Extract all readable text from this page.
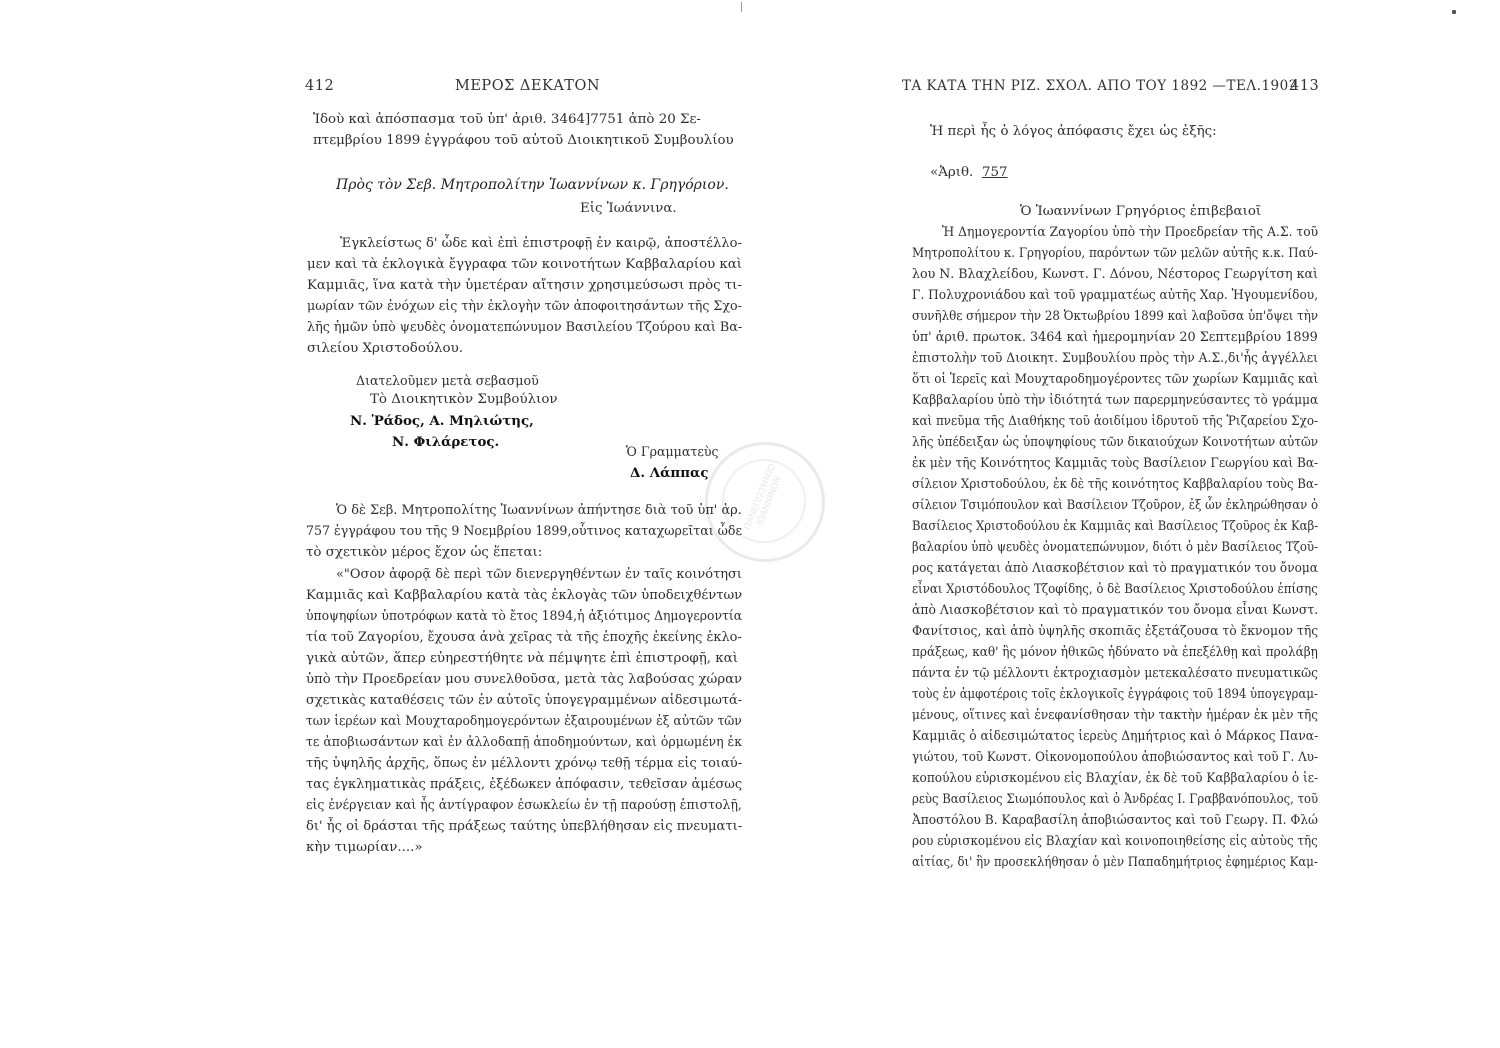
ΠΑΝΕΠΙΣΤΗΜΙΟ ΙΩΑΝΝΙΝΩΝ
412	ΜΕΡΟΣ ΔΕΚΑΤΟΝ
Ἰδοὺ καὶ ἀπόσπασμα τοῦ ὑπ' ἀριθ. 3464]7751 ἀπὸ 20 Σε-
πτεμβρίου 1899 ἐγγράφου τοῦ αὐτοῦ Διοικητικοῦ Συμβουλίου
Πρὸς τὸν Σεβ. Μητροπολίτην Ἰωαννίνων κ. Γρηγόριον.
Εἰς Ἰωάννινα.
Ἐγκλείστως δ' ὧδε καὶ ἐπὶ ἐπιστροφῇ ἐν καιρῷ, ἀποστέλλο-
μεν καὶ τὰ ἐκλογικὰ ἔγγραφα τῶν κοινοτήτων Καββαλαρίου καὶ
Καμμιᾶς, ἵνα κατὰ τὴν ὑμετέραν αἴτησιν χρησιμεύσωσι πρὸς τι-
μωρίαν τῶν ἐνόχων εἰς τὴν ἐκλογὴν τῶν ἀποφοιτησάντων τῆς Σχο-
λῆς ἡμῶν ὑπὸ ψευδὲς ὀνοματεπώνυμον Βασιλείου Τζούρου καὶ Βα-
σιλείου Χριστοδούλου.
Διατελοῦμεν μετὰ σεβασμοῦ
Τὸ Διοικητικὸν Συμβούλιον
Ν. Ῥάδος, Α. Μηλιώτης,
Ν. Φιλάρετος.
Ὁ Γραμματεὺς
Δ. Λάππας
Ὁ δὲ Σεβ. Μητροπολίτης Ἰωαννίνων ἀπήντησε διὰ τοῦ ὑπ' ἀρ.
757 ἐγγράφου του τῆς 9 Νοεμβρίου 1899,οὗτινος καταχωρεῖται ὧδε
τὸ σχετικὸν μέρος ἔχον ὡς ἕπεται:
«"Οσον ἀφορᾷ δὲ περὶ τῶν διενεργηθέντων ἐν ταῖς κοινότησι
Καμμιᾶς καὶ Καββαλαρίου κατὰ τὰς ἐκλογὰς τῶν ὑποδειχθέντων
ὑποψηφίων ὑποτρόφων κατὰ τὸ ἔτος 1894,ἡ ἀξιότιμος Δημογεροντία
τία τοῦ Ζαγορίου, ἔχουσα ἀνὰ χεῖρας τὰ τῆς ἐποχῆς ἐκείνης ἐκλο-
γικὰ αὐτῶν, ἅπερ εὐηρεστήθητε νὰ πέμψητε ἐπὶ ἐπιστροφῇ, καὶ
ὑπὸ τὴν Προεδρείαν μου συνελθοῦσα, μετὰ τὰς λαβούσας χώραν
σχετικὰς καταθέσεις τῶν ἐν αὐτοῖς ὑπογεγραμμένων αἰδεσιμωτά-
των ἱερέων καὶ Μουχταροδημογερόντων ἐξαιρουμένων ἐξ αὐτῶν τῶν
τε ἀποβιωσάντων καὶ ἐν ἀλλοδαπῇ ἀποδημούντων, καὶ ὁρμωμένη ἐκ
τῆς ὑψηλῆς ἀρχῆς, ὅπως ἐν μέλλοντι χρόνῳ τεθῇ τέρμα εἰς τοιαύ-
τας ἐγκληματικὰς πράξεις, ἐξέδωκεν ἀπόφασιν, τεθεῖσαν ἀμέσως
εἰς ἐνέργειαν καὶ ἧς ἀντίγραφον ἐσωκλείω ἐν τῇ παρούσῃ ἐπιστολῇ,
δι' ἧς οἱ δράσται τῆς πράξεως ταύτης ὑπεβλήθησαν εἰς πνευματι-
κὴν τιμωρίαν....»
ΤΑ ΚΑΤΑ ΤΗΝ ΡΙΖ. ΣΧΟΛ. ΑΠΟ ΤΟΥ 1892 —ΤΕΛ.1902
413
Ἡ περὶ ἧς ὁ λόγος ἀπόφασις ἔχει ὡς ἑξῆς:
«Ἀριθ. 757
Ὁ Ἰωαννίνων Γρηγόριος ἐπιβεβαιοῖ
Ἡ Δημογεροντία Ζαγορίου ὑπὸ τὴν Προεδρείαν τῆς Α.Σ. τοῦ
Μητροπολίτου κ. Γρηγορίου, παρόντων τῶν μελῶν αὐτῆς κ.κ. Παύ-
λου Ν. Βλαχλείδου, Κωνστ. Γ. Δόνου, Νέστορος Γεωργίτση καὶ
Γ. Πολυχρονιάδου καὶ τοῦ γραμματέως αὐτῆς Χαρ. Ἡγουμενίδου,
συνῆλθε σήμερον τὴν 28 Ὀκτωβρίου 1899 καὶ λαβοῦσα ὑπ'ὄψει τὴν
ὑπ' ἀριθ. πρωτοκ. 3464 καὶ ἡμερομηνίαν 20 Σεπτεμβρίου 1899
ἐπιστολὴν τοῦ Διοικητ. Συμβουλίου πρὸς τὴν Α.Σ.,δι'ἧς ἀγγέλλει
ὅτι οἱ Ἱερεῖς καὶ Μουχταροδημογέροντες τῶν χωρίων Καμμιᾶς καὶ
Καββαλαρίου ὑπὸ τὴν ἰδιότητά των παρερμηνεύσαντες τὸ γράμμα
καὶ πνεῦμα τῆς Διαθήκης τοῦ ἀοιδίμου ἱδρυτοῦ τῆς Ῥιζαρείου Σχο-
λῆς ὑπέδειξαν ὡς ὑποψηφίους τῶν δικαιούχων Κοινοτήτων αὐτῶν
ἐκ μὲν τῆς Κοινότητος Καμμιᾶς τοὺς Βασίλειον Γεωργίου καὶ Βα-
σίλειον Χριστοδούλου, ἐκ δὲ τῆς κοινότητος Καββαλαρίου τοὺς Βα-
σίλειον Τσιμόπουλον καὶ Βασίλειον Τζοῦρον, ἐξ ὧν ἐκληρώθησαν ὁ
Βασίλειος Χριστοδούλου ἐκ Καμμιᾶς καὶ Βασίλειος Τζοῦρος ἐκ Καβ-
βαλαρίου ὑπὸ ψευδὲς ὀνοματεπώνυμον, διότι ὁ μὲν Βασίλειος Τζοῦ-
ρος κατάγεται ἀπὸ Λιασκοβέτσιον καὶ τὸ πραγματικόν του ὄνομα
εἶναι Χριστόδουλος Τζοφίδης, ὁ δὲ Βασίλειος Χριστοδούλου ἐπίσης
ἀπὸ Λιασκοβέτσιον καὶ τὸ πραγματικόν του ὄνομα εἶναι Κωνστ.
Φανίτσιος, καὶ ἀπὸ ὑψηλῆς σκοπιᾶς ἐξετάζουσα τὸ ἔκνομον τῆς
πράξεως, καθ' ἣς μόνον ἠθικῶς ἠδύνατο νὰ ἐπεξέλθῃ καὶ προλάβῃ
πάντα ἐν τῷ μέλλοντι ἐκτροχιασμὸν μετεκαλέσατο πνευματικῶς
τοὺς ἐν ἀμφοτέροις τοῖς ἐκλογικοῖς ἐγγράφοις τοῦ 1894 ὑπογεγραμ-
μένους, οἵτινες καὶ ἐνεφανίσθησαν τὴν τακτὴν ἡμέραν ἐκ μὲν τῆς
Καμμιᾶς ὁ αἰδεσιμώτατος ἱερεὺς Δημήτριος καὶ ὁ Μάρκος Πανα-
γιώτου, τοῦ Κωνστ. Οἰκονομοπούλου ἀποβιώσαντος καὶ τοῦ Γ. Λυ-
κοπούλου εὑρισκομένου εἰς Βλαχίαν, ἐκ δὲ τοῦ Καββαλαρίου ὁ ἱε-
ρεὺς Βασίλειος Σιωμόπουλος καὶ ὁ Ἀνδρέας Ι. Γραββανόπουλος, τοῦ
Ἀποστόλου Β. Καραβασίλη ἀποβιώσαντος καὶ τοῦ Γεωργ. Π. Φλώ
ρου εὑρισκομένου εἰς Βλαχίαν καὶ κοινοποιηθείσης εἰς αὐτοὺς τῆς
αἰτίας, δι' ἣν προσεκλήθησαν ὁ μὲν Παπαδημήτριος ἐφημέριος Καμ-
